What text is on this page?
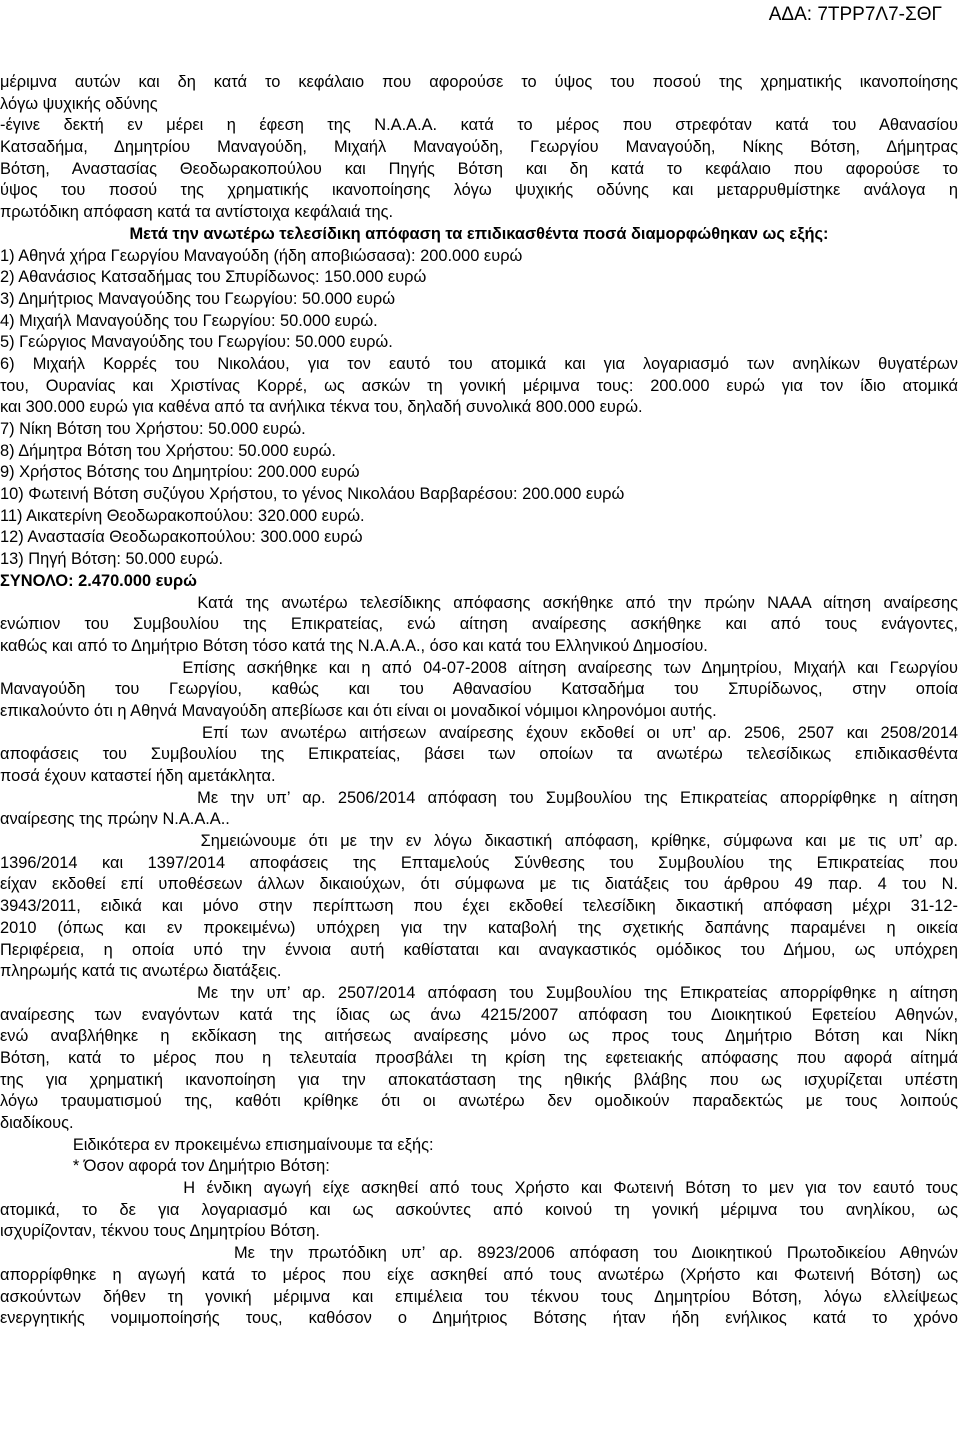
ΑΔΑ: 7ΤΡΡ7Λ7-ΣΘΓ
μέριμνα αυτών και δη κατά το κεφάλαιο που αφορούσε το ύψος του ποσού της χρηματικής ικανοποίησης
λόγω ψυχικής οδύνης
-έγινε δεκτή εν μέρει η έφεση της Ν.Α.Α.Α. κατά το μέρος που στρεφόταν κατά του Αθανασίου
Κατσαδήμα, Δημητρίου Μαναγούδη, Μιχαήλ Μαναγούδη, Γεωργίου Μαναγούδη, Νίκης Βότση, Δήμητρας
Βότση, Αναστασίας Θεοδωρακοπούλου και Πηγής Βότση και δη κατά το κεφάλαιο που αφορούσε το
ύψος του ποσού της χρηματικής ικανοποίησης λόγω ψυχικής οδύνης και μεταρρυθμίστηκε ανάλογα η
πρωτόδικη απόφαση κατά τα αντίστοιχα κεφάλαιά της.
Μετά την ανωτέρω τελεσίδικη απόφαση τα επιδικασθέντα ποσά διαμορφώθηκαν ως εξής:
1) Αθηνά χήρα Γεωργίου Μαναγούδη (ήδη αποβιώσασα): 200.000 ευρώ
2) Αθανάσιος Κατσαδήμας του Σπυρίδωνος: 150.000 ευρώ
3) Δημήτριος Μαναγούδης του Γεωργίου: 50.000 ευρώ
4) Μιχαήλ Μαναγούδης του Γεωργίου: 50.000 ευρώ.
5) Γεώργιος Μαναγούδης του Γεωργίου: 50.000 ευρώ.
6) Μιχαήλ Κορρές του Νικολάου, για τον εαυτό του ατομικά και για λογαριασμό των ανηλίκων θυγατέρων
του, Ουρανίας και Χριστίνας Κορρέ, ως ασκών τη γονική μέριμνα τους: 200.000 ευρώ για τον ίδιο ατομικά
και 300.000 ευρώ για καθένα από τα ανήλικα τέκνα του, δηλαδή συνολικά 800.000 ευρώ.
7) Νίκη Βότση του Χρήστου: 50.000 ευρώ.
8) Δήμητρα Βότση του Χρήστου: 50.000 ευρώ.
9) Χρήστος Βότσης του Δημητρίου: 200.000 ευρώ
10) Φωτεινή Βότση συζύγου Χρήστου, το γένος Νικολάου Βαρβαρέσου: 200.000 ευρώ
11) Αικατερίνη Θεοδωρακοπούλου: 320.000 ευρώ.
12) Αναστασία Θεοδωρακοπούλου: 300.000 ευρώ
13) Πηγή Βότση: 50.000 ευρώ.
ΣΥΝΟΛΟ: 2.470.000 ευρώ
Κατά της ανωτέρω τελεσίδικης απόφασης ασκήθηκε από την πρώην ΝΑΑΑ αίτηση αναίρεσης
ενώπιον του Συμβουλίου της Επικρατείας, ενώ αίτηση αναίρεσης ασκήθηκε και από τους ενάγοντες,
καθώς και από το Δημήτριο Βότση τόσο κατά της Ν.Α.Α.Α., όσο και κατά του Ελληνικού Δημοσίου.
Επίσης ασκήθηκε και η από 04-07-2008 αίτηση αναίρεσης των Δημητρίου, Μιχαήλ και Γεωργίου
Μαναγούδη του Γεωργίου, καθώς και του Αθανασίου Κατσαδήμα του Σπυρίδωνος, στην οποία
επικαλούντο ότι η Αθηνά Μαναγούδη απεβίωσε και ότι είναι οι μοναδικοί νόμιμοι κληρονόμοι αυτής.
Επί των ανωτέρω αιτήσεων αναίρεσης έχουν εκδοθεί οι υπ’ αρ. 2506, 2507 και 2508/2014
αποφάσεις του Συμβουλίου της Επικρατείας, βάσει των οποίων τα ανωτέρω τελεσίδικως επιδικασθέντα
ποσά έχουν καταστεί ήδη αμετάκλητα.
Με την υπ’ αρ. 2506/2014 απόφαση του Συμβουλίου της Επικρατείας απορρίφθηκε η αίτηση
αναίρεσης της πρώην Ν.Α.Α.Α..
Σημειώνουμε ότι με την εν λόγω δικαστική απόφαση, κρίθηκε, σύμφωνα και με τις υπ’ αρ.
1396/2014 και 1397/2014 αποφάσεις της Επταμελούς Σύνθεσης του Συμβουλίου της Επικρατείας που
είχαν εκδοθεί επί υποθέσεων άλλων δικαιούχων, ότι σύμφωνα με τις διατάξεις του άρθρου 49 παρ. 4 του Ν.
3943/2011, ειδικά και μόνο στην περίπτωση που έχει εκδοθεί τελεσίδικη δικαστική απόφαση μέχρι 31-12-
2010 (όπως και εν προκειμένω) υπόχρεη για την καταβολή της σχετικής δαπάνης παραμένει η οικεία
Περιφέρεια, η οποία υπό την έννοια αυτή καθίσταται και αναγκαστικός ομόδικος του Δήμου, ως υπόχρεη
πληρωμής κατά τις ανωτέρω διατάξεις.
Με την υπ’ αρ. 2507/2014 απόφαση του Συμβουλίου της Επικρατείας απορρίφθηκε η αίτηση
αναίρεσης των εναγόντων κατά της ίδιας ως άνω 4215/2007 απόφαση του Διοικητικού Εφετείου Αθηνών,
ενώ αναβλήθηκε η εκδίκαση της αιτήσεως αναίρεσης μόνο ως προς τους Δημήτριο Βότση και Νίκη
Βότση, κατά το μέρος που η τελευταία προσβάλει τη κρίση της εφετειακής απόφασης που αφορά αίτημά
της για χρηματική ικανοποίηση για την αποκατάσταση της ηθικής βλάβης που ως ισχυρίζεται υπέστη
λόγω τραυματισμού της, καθότι κρίθηκε ότι οι ανωτέρω δεν ομοδικούν παραδεκτώς με τους λοιπούς
διαδίκους.
Ειδικότερα εν προκειμένω επισημαίνουμε τα εξής:
* Όσον αφορά τον Δημήτριο Βότση:
Η ένδικη αγωγή είχε ασκηθεί από τους Χρήστο και Φωτεινή Βότση το μεν για τον εαυτό τους
ατομικά, το δε για λογαριασμό και ως ασκούντες από κοινού τη γονική μέριμνα του ανηλίκου, ως
ισχυρίζονταν, τέκνου τους Δημητρίου Βότση.
Με την πρωτόδικη υπ’ αρ. 8923/2006 απόφαση του Διοικητικού Πρωτοδικείου Αθηνών
απορρίφθηκε η αγωγή κατά το μέρος που είχε ασκηθεί από τους ανωτέρω (Χρήστο και Φωτεινή Βότση) ως
ασκούντων δήθεν τη γονική μέριμνα και επιμέλεια του τέκνου τους Δημητρίου Βότση, λόγω ελλείψεως
ενεργητικής νομιμοποίησής τους, καθόσον ο Δημήτριος Βότσης ήταν ήδη ενήλικος κατά το χρόνο
